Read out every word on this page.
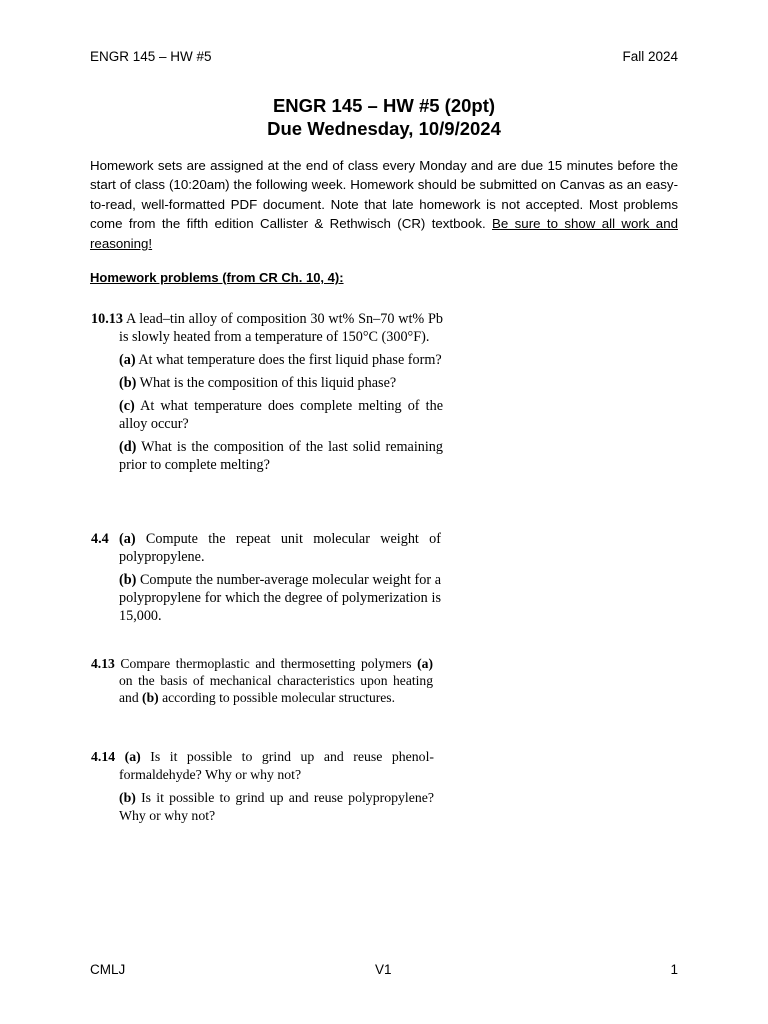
ENGR 145 – HW #5	Fall 2024
ENGR 145 – HW #5 (20pt)
Due Wednesday, 10/9/2024
Homework sets are assigned at the end of class every Monday and are due 15 minutes before the start of class (10:20am) the following week. Homework should be submitted on Canvas as an easy-to-read, well-formatted PDF document. Note that late homework is not accepted. Most problems come from the fifth edition Callister & Rethwisch (CR) textbook. Be sure to show all work and reasoning!
Homework problems (from CR Ch. 10, 4):

10.13 A lead–tin alloy of composition 30 wt% Sn–70 wt% Pb is slowly heated from a temperature of 150°C (300°F).

(a) At what temperature does the first liquid phase form?

(b) What is the composition of this liquid phase?

(c) At what temperature does complete melting of the alloy occur?

(d) What is the composition of the last solid remaining prior to complete melting?

4.4 (a) Compute the repeat unit molecular weight of polypropylene.

(b) Compute the number-average molecular weight for a polypropylene for which the degree of polymerization is 15,000.

4.13 Compare thermoplastic and thermosetting polymers (a) on the basis of mechanical characteristics upon heating and (b) according to possible molecular structures.

4.14 (a) Is it possible to grind up and reuse phenol-formaldehyde? Why or why not?

(b) Is it possible to grind up and reuse polypropylene? Why or why not?

CMLJ	V1	1
